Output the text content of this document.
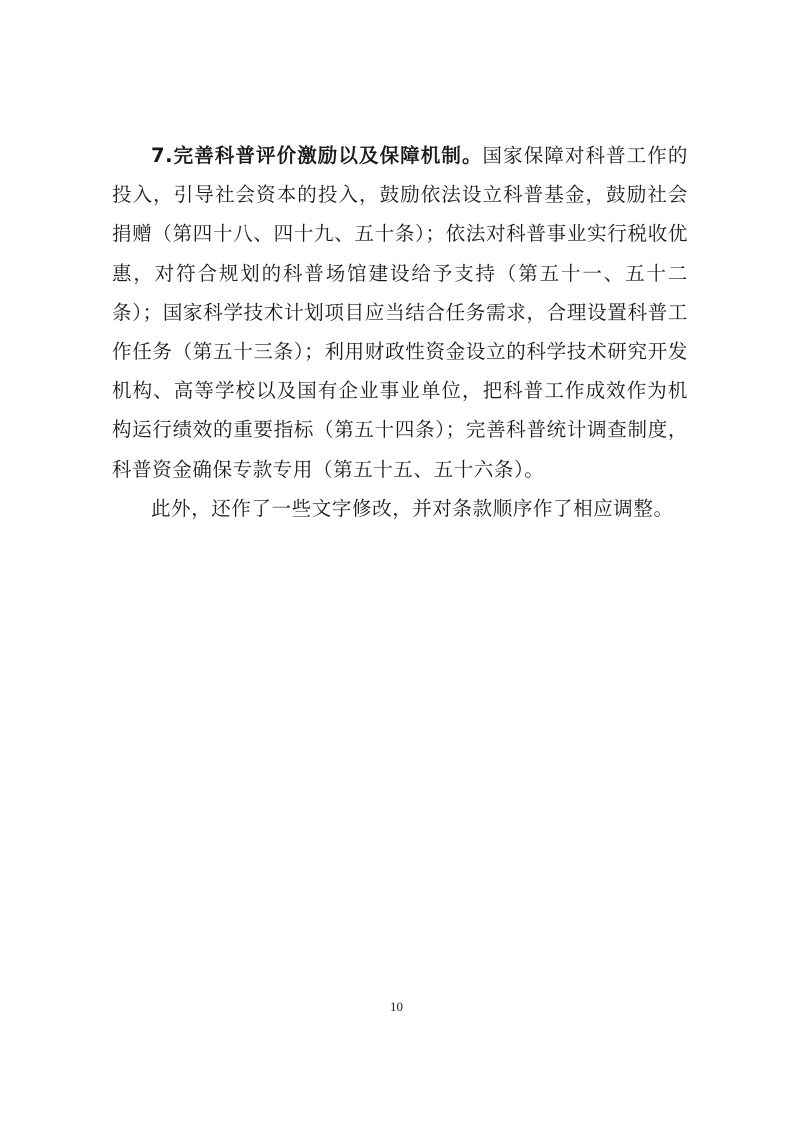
7.完善科普评价激励以及保障机制。国家保障对科普工作的投入，引导社会资本的投入，鼓励依法设立科普基金，鼓励社会捐赠（第四十八、四十九、五十条）；依法对科普事业实行税收优惠，对符合规划的科普场馆建设给予支持（第五十一、五十二条）；国家科学技术计划项目应当结合任务需求，合理设置科普工作任务（第五十三条）；利用财政性资金设立的科学技术研究开发机构、高等学校以及国有企业事业单位，把科普工作成效作为机构运行绩效的重要指标（第五十四条）；完善科普统计调查制度，科普资金确保专款专用（第五十五、五十六条）。

此外，还作了一些文字修改，并对条款顺序作了相应调整。

10
